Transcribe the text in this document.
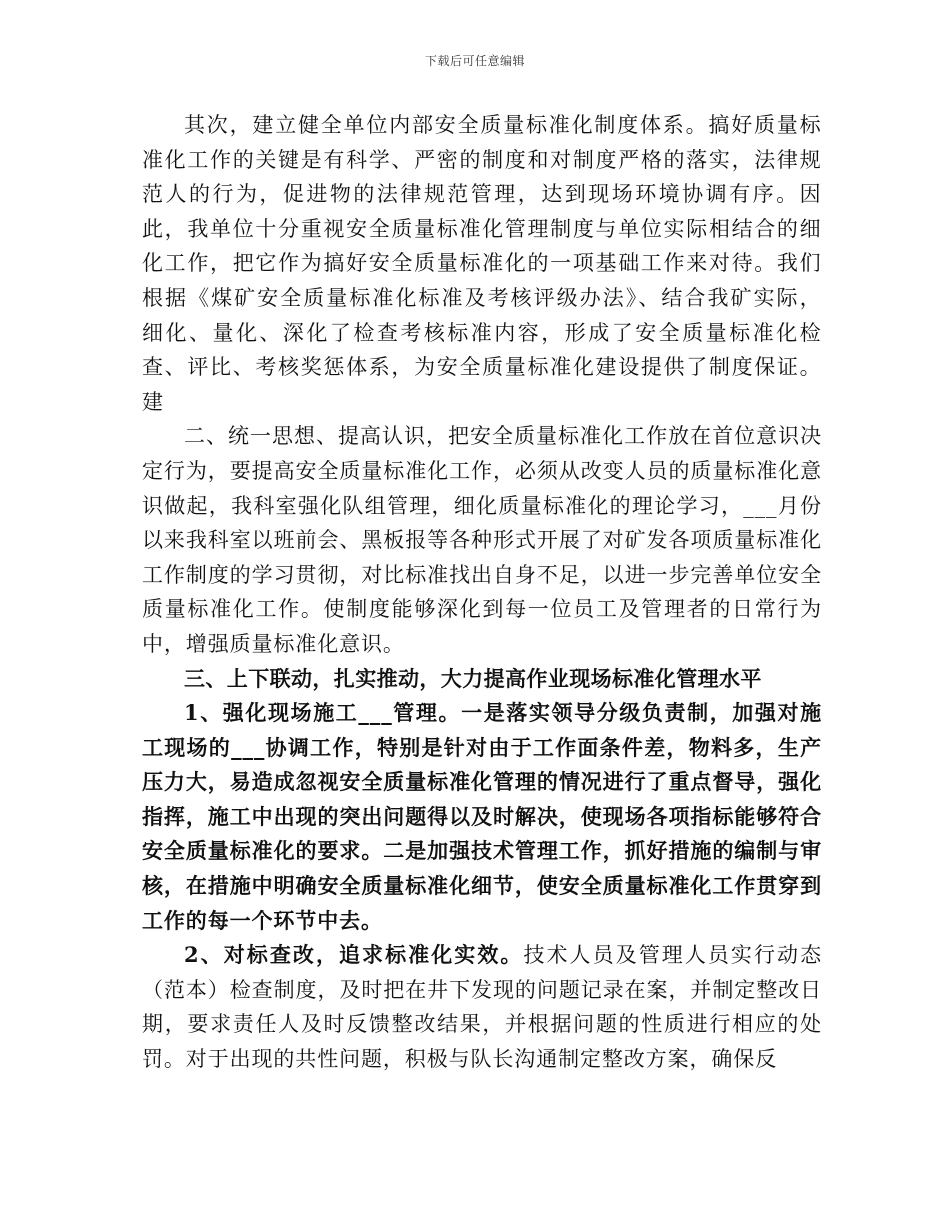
下载后可任意编辑

其次，建立健全单位内部安全质量标准化制度体系。搞好质量标准化工作的关键是有科学、严密的制度和对制度严格的落实，法律规范人的行为，促进物的法律规范管理，达到现场环境协调有序。因此，我单位十分重视安全质量标准化管理制度与单位实际相结合的细化工作，把它作为搞好安全质量标准化的一项基础工作来对待。我们根据《煤矿安全质量标准化标准及考核评级办法》、结合我矿实际，细化、量化、深化了检查考核标准内容，形成了安全质量标准化检查、评比、考核奖惩体系，为安全质量标准化建设提供了制度保证。建

二、统一思想、提高认识，把安全质量标准化工作放在首位意识决定行为，要提高安全质量标准化工作，必须从改变人员的质量标准化意识做起，我科室强化队组管理，细化质量标准化的理论学习，___月份以来我科室以班前会、黑板报等各种形式开展了对矿发各项质量标准化工作制度的学习贯彻，对比标准找出自身不足，以进一步完善单位安全质量标准化工作。使制度能够深化到每一位员工及管理者的日常行为中，增强质量标准化意识。

三、上下联动，扎实推动，大力提高作业现场标准化管理水平

1、强化现场施工___管理。一是落实领导分级负责制，加强对施工现场的___协调工作，特别是针对由于工作面条件差，物料多，生产压力大，易造成忽视安全质量标准化管理的情况进行了重点督导，强化指挥，施工中出现的突出问题得以及时解决，使现场各项指标能够符合安全质量标准化的要求。二是加强技术管理工作，抓好措施的编制与审核，在措施中明确安全质量标准化细节，使安全质量标准化工作贯穿到工作的每一个环节中去。

2、对标查改，追求标准化实效。技术人员及管理人员实行动态（范本）检查制度，及时把在井下发现的问题记录在案，并制定整改日期，要求责任人及时反馈整改结果，并根据问题的性质进行相应的处罚。对于出现的共性问题，积极与队长沟通制定整改方案，确保反
